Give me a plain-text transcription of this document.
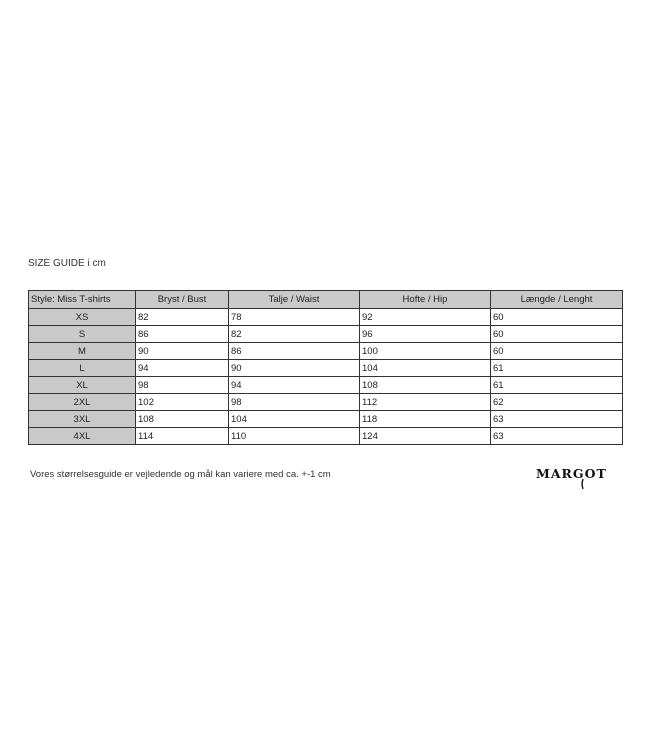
SIZE GUIDE i cm
Style: Miss T-shirts	Bryst / Bust	Talje / Waist	Hofte / Hip	Længde / Lenght
XS	82	78	92	60
S	86	82	96	60
M	90	86	100	60
L	94	90	104	61
XL	98	94	108	61
2XL	102	98	112	62
3XL	108	104	118	63
4XL	114	110	124	63
Vores størrelsesguide er vejledende og mål kan variere med ca. +-1 cm	MARGOT
